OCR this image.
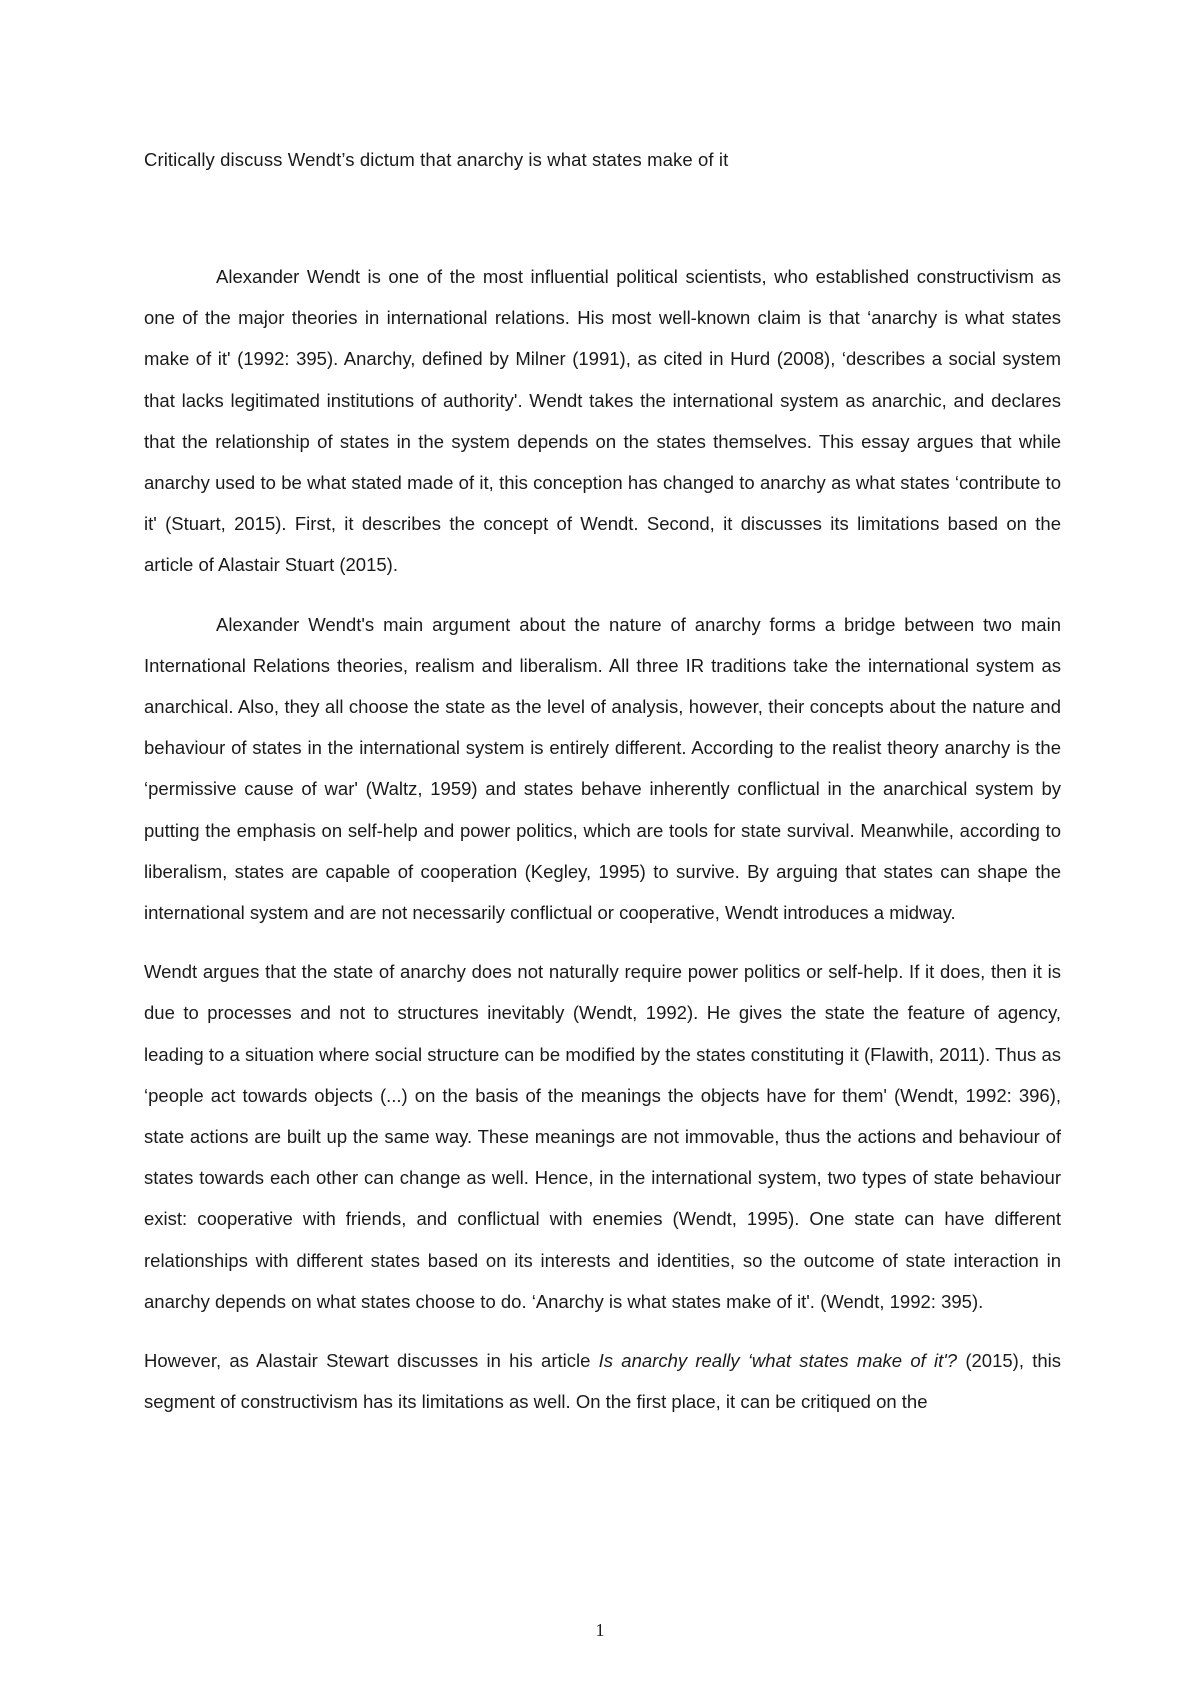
Critically discuss Wendt’s dictum that anarchy is what states make of it

Alexander Wendt is one of the most influential political scientists, who established constructivism as one of the major theories in international relations. His most well-known claim is that ‘anarchy is what states make of it' (1992: 395). Anarchy, defined by Milner (1991), as cited in Hurd (2008), ‘describes a social system that lacks legitimated institutions of authority'. Wendt takes the international system as anarchic, and declares that the relationship of states in the system depends on the states themselves. This essay argues that while anarchy used to be what stated made of it, this conception has changed to anarchy as what states ‘contribute to it' (Stuart, 2015). First, it describes the concept of Wendt. Second, it discusses its limitations based on the article of Alastair Stuart (2015).

Alexander Wendt's main argument about the nature of anarchy forms a bridge between two main International Relations theories, realism and liberalism. All three IR traditions take the international system as anarchical. Also, they all choose the state as the level of analysis, however, their concepts about the nature and behaviour of states in the international system is entirely different. According to the realist theory anarchy is the ‘permissive cause of war' (Waltz, 1959) and states behave inherently conflictual in the anarchical system by putting the emphasis on self-help and power politics, which are tools for state survival. Meanwhile, according to liberalism, states are capable of cooperation (Kegley, 1995) to survive. By arguing that states can shape the international system and are not necessarily conflictual or cooperative, Wendt introduces a midway.

Wendt argues that the state of anarchy does not naturally require power politics or self-help. If it does, then it is due to processes and not to structures inevitably (Wendt, 1992). He gives the state the feature of agency, leading to a situation where social structure can be modified by the states constituting it (Flawith, 2011). Thus as ‘people act towards objects (...) on the basis of the meanings the objects have for them' (Wendt, 1992: 396), state actions are built up the same way. These meanings are not immovable, thus the actions and behaviour of states towards each other can change as well. Hence, in the international system, two types of state behaviour exist: cooperative with friends, and conflictual with enemies (Wendt, 1995). One state can have different relationships with different states based on its interests and identities, so the outcome of state interaction in anarchy depends on what states choose to do. ‘Anarchy is what states make of it'. (Wendt, 1992: 395).

However, as Alastair Stewart discusses in his article Is anarchy really ‘what states make of it'? (2015), this segment of constructivism has its limitations as well. On the first place, it can be critiqued on the

1
